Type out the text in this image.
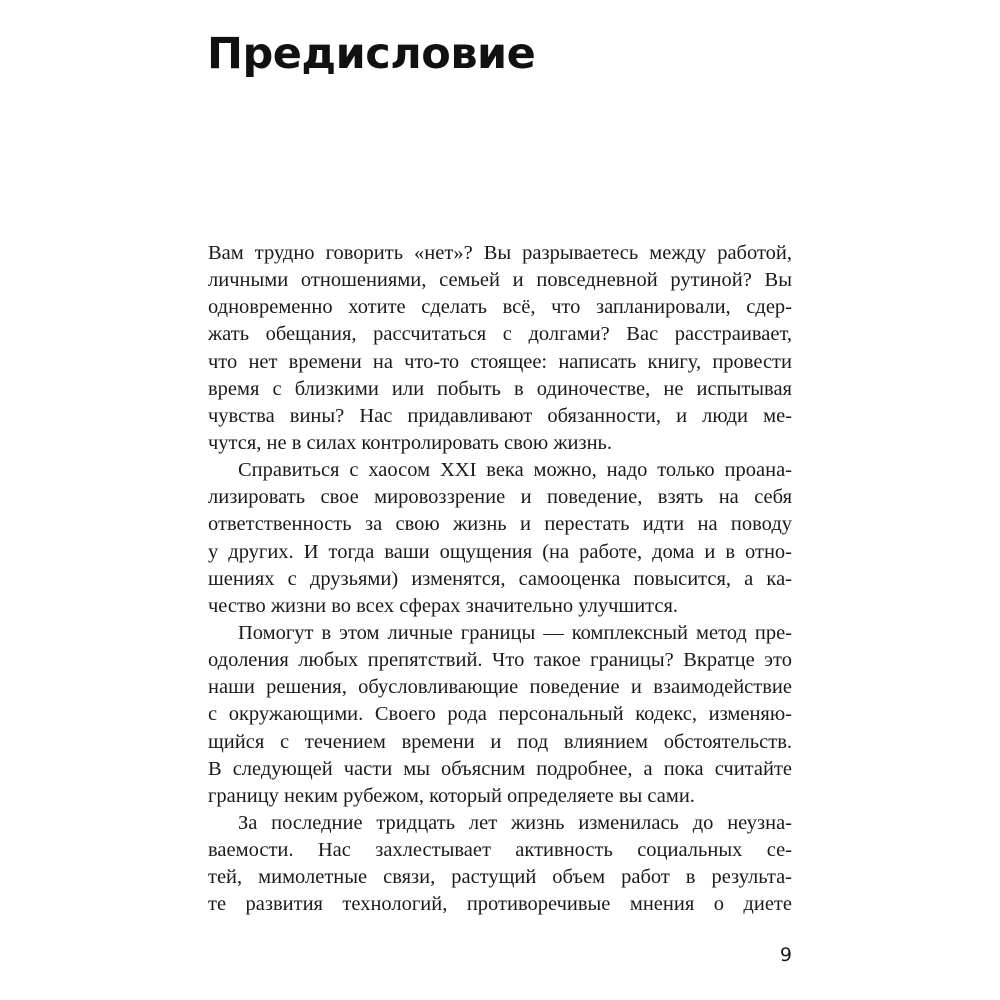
Предисловие
Вам трудно говорить «нет»? Вы разрываетесь между работой,
личными отношениями, семьей и повседневной рутиной? Вы
одновременно хотите сделать всё, что запланировали, сдер-
жать обещания, рассчитаться с долгами? Вас расстраивает,
что нет времени на что-то стоящее: написать книгу, провести
время с близкими или побыть в одиночестве, не испытывая
чувства вины? Нас придавливают обязанности, и люди ме-
чутся, не в силах контролировать свою жизнь.
Справиться с хаосом XXI века можно, надо только проана-
лизировать свое мировоззрение и поведение, взять на себя
ответственность за свою жизнь и перестать идти на поводу
у других. И тогда ваши ощущения (на работе, дома и в отно-
шениях с друзьями) изменятся, самооценка повысится, а ка-
чество жизни во всех сферах значительно улучшится.
Помогут в этом личные границы — комплексный метод пре-
одоления любых препятствий. Что такое границы? Вкратце это
наши решения, обусловливающие поведение и взаимодействие
с окружающими. Своего рода персональный кодекс, изменяю-
щийся с течением времени и под влиянием обстоятельств.
В следующей части мы объясним подробнее, а пока считайте
границу неким рубежом, который определяете вы сами.
За последние тридцать лет жизнь изменилась до неузна-
ваемости. Нас захлестывает активность социальных се-
тей, мимолетные связи, растущий объем работ в результа-
те развития технологий, противоречивые мнения о диете
9
